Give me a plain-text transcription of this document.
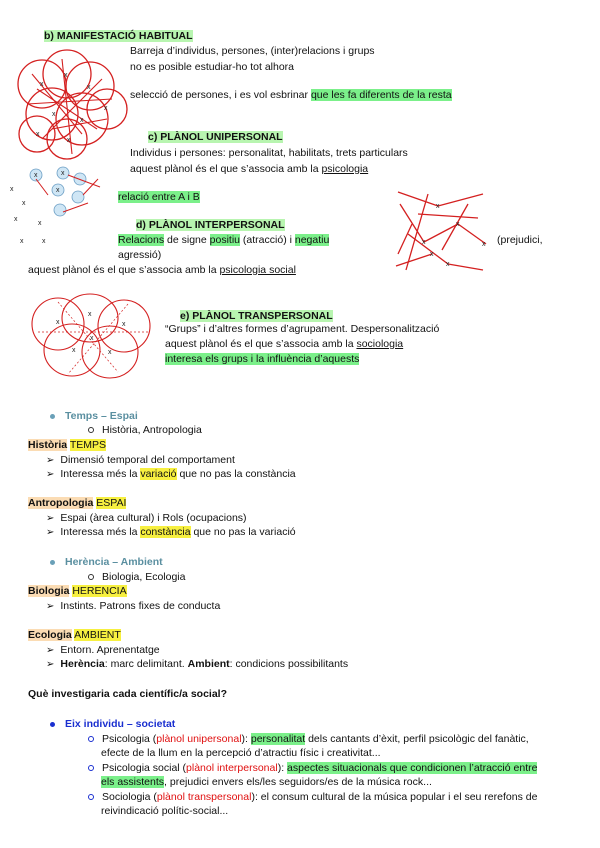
b) MANIFESTACIÓ HABITUAL
Barreja d’individus, persones, (inter)relacions i grups
no es posible estudiar-ho tot alhora
selecció de persones, i es vol esbrinar que les fa diferents de la resta
x
x
x
x
x
x
x
x	c) PLÀNOL UNIPERSONAL
Individus i persones: personalitat, habilitats, trets particulars
aquest plànol és el que s’associa amb la psicologia
relació entre A i B
x
x
x
x
x	x
x	x
x
d) PLÀNOL INTERPERSONAL
Relacions de signe positiu (atracció) i negatiu	(prejudici,
agressió)
aquest plànol és el que s’associa amb la psicologia social
x
x
x
x
x
x
e) PLÀNOL TRANSPERSONAL
“Grups” i d’altres formes d’agrupament. Despersonalització
aquest plànol és el que s’associa amb la sociologia
interesa els grups i la influència d’aquests
x
x
x
x	x
x
Temps – Espai
Història, Antropologia
Història TEMPS
➢ Dimensió temporal del comportament
➢ Interessa més la variació que no pas la constància
Antropologia ESPAI
➢ Espai (àrea cultural) i Rols (ocupacions)
➢ Interessa més la constància que no pas la variació
Herència – Ambient
Biologia, Ecologia
Biologia HERENCIA
➢ Instints. Patrons fixes de conducta
Ecologia AMBIENT
➢ Entorn. Aprenentatge
➢ Herència: marc delimitant. Ambient: condicions possibilitants
Què investigaria cada científic/a social?
Eix individu – societat
Psicologia (plànol unipersonal): personalitat dels cantants d’èxit, perfil psicològic del fanàtic,
efecte de la llum en la percepció d’atractiu físic i creativitat...
Psicologia social (plànol interpersonal): aspectes situacionals que condicionen l’atracció entre
els assistents, prejudici envers els/les seguidors/es de la música rock...
Sociologia (plànol transpersonal): el consum cultural de la música popular i el seu rerefons de
reivindicació polític-social...
